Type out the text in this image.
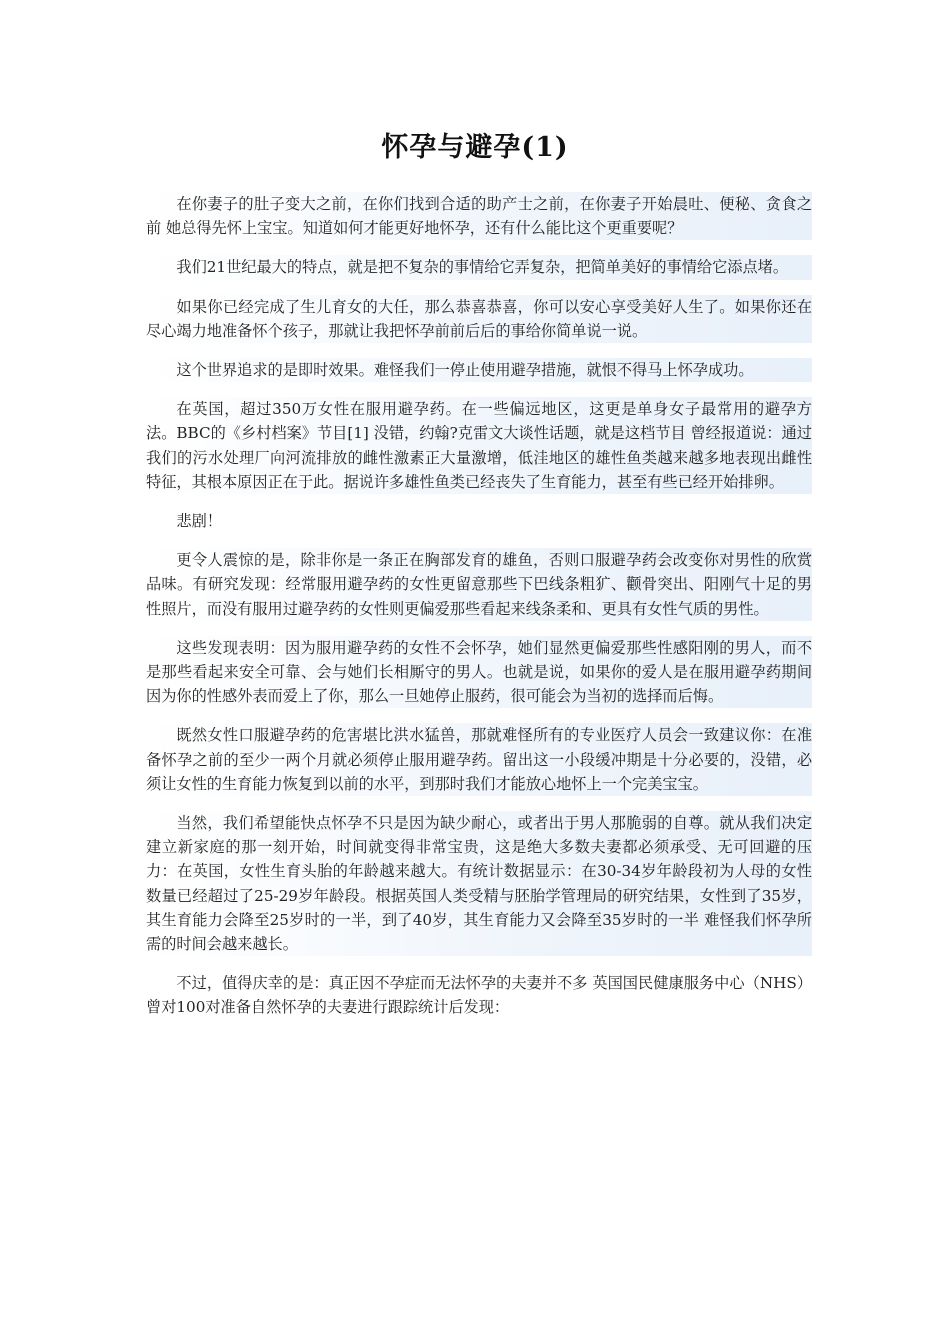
怀孕与避孕(1)

在你妻子的肚子变大之前，在你们找到合适的助产士之前，在你妻子开始晨吐、便秘、贪食之前 她总得先怀上宝宝。知道如何才能更好地怀孕，还有什么能比这个更重要呢？

我们21世纪最大的特点，就是把不复杂的事情给它弄复杂，把简单美好的事情给它添点堵。

如果你已经完成了生儿育女的大任，那么恭喜恭喜，你可以安心享受美好人生了。如果你还在尽心竭力地准备怀个孩子，那就让我把怀孕前前后后的事给你简单说一说。

这个世界追求的是即时效果。难怪我们一停止使用避孕措施，就恨不得马上怀孕成功。

在英国，超过350万女性在服用避孕药。在一些偏远地区，这更是单身女子最常用的避孕方法。BBC的《乡村档案》节目[1] 没错，约翰?克雷文大谈性话题，就是这档节目 曾经报道说：通过我们的污水处理厂向河流排放的雌性激素正大量激增，低洼地区的雄性鱼类越来越多地表现出雌性特征，其根本原因正在于此。据说许多雄性鱼类已经丧失了生育能力，甚至有些已经开始排卵。

悲剧！

更令人震惊的是，除非你是一条正在胸部发育的雄鱼，否则口服避孕药会改变你对男性的欣赏品味。有研究发现：经常服用避孕药的女性更留意那些下巴线条粗犷、颧骨突出、阳刚气十足的男性照片，而没有服用过避孕药的女性则更偏爱那些看起来线条柔和、更具有女性气质的男性。

这些发现表明：因为服用避孕药的女性不会怀孕，她们显然更偏爱那些性感阳刚的男人，而不是那些看起来安全可靠、会与她们长相厮守的男人。也就是说，如果你的爱人是在服用避孕药期间因为你的性感外表而爱上了你，那么一旦她停止服药，很可能会为当初的选择而后悔。

既然女性口服避孕药的危害堪比洪水猛兽，那就难怪所有的专业医疗人员会一致建议你：在准备怀孕之前的至少一两个月就必须停止服用避孕药。留出这一小段缓冲期是十分必要的，没错，必须让女性的生育能力恢复到以前的水平，到那时我们才能放心地怀上一个完美宝宝。

当然，我们希望能快点怀孕不只是因为缺少耐心，或者出于男人那脆弱的自尊。就从我们决定建立新家庭的那一刻开始，时间就变得非常宝贵，这是绝大多数夫妻都必须承受、无可回避的压力：在英国，女性生育头胎的年龄越来越大。有统计数据显示：在30-34岁年龄段初为人母的女性数量已经超过了25-29岁年龄段。根据英国人类受精与胚胎学管理局的研究结果，女性到了35岁，其生育能力会降至25岁时的一半，到了40岁，其生育能力又会降至35岁时的一半 难怪我们怀孕所需的时间会越来越长。

不过，值得庆幸的是：真正因不孕症而无法怀孕的夫妻并不多 英国国民健康服务中心（NHS）曾对100对准备自然怀孕的夫妻进行跟踪统计后发现：
